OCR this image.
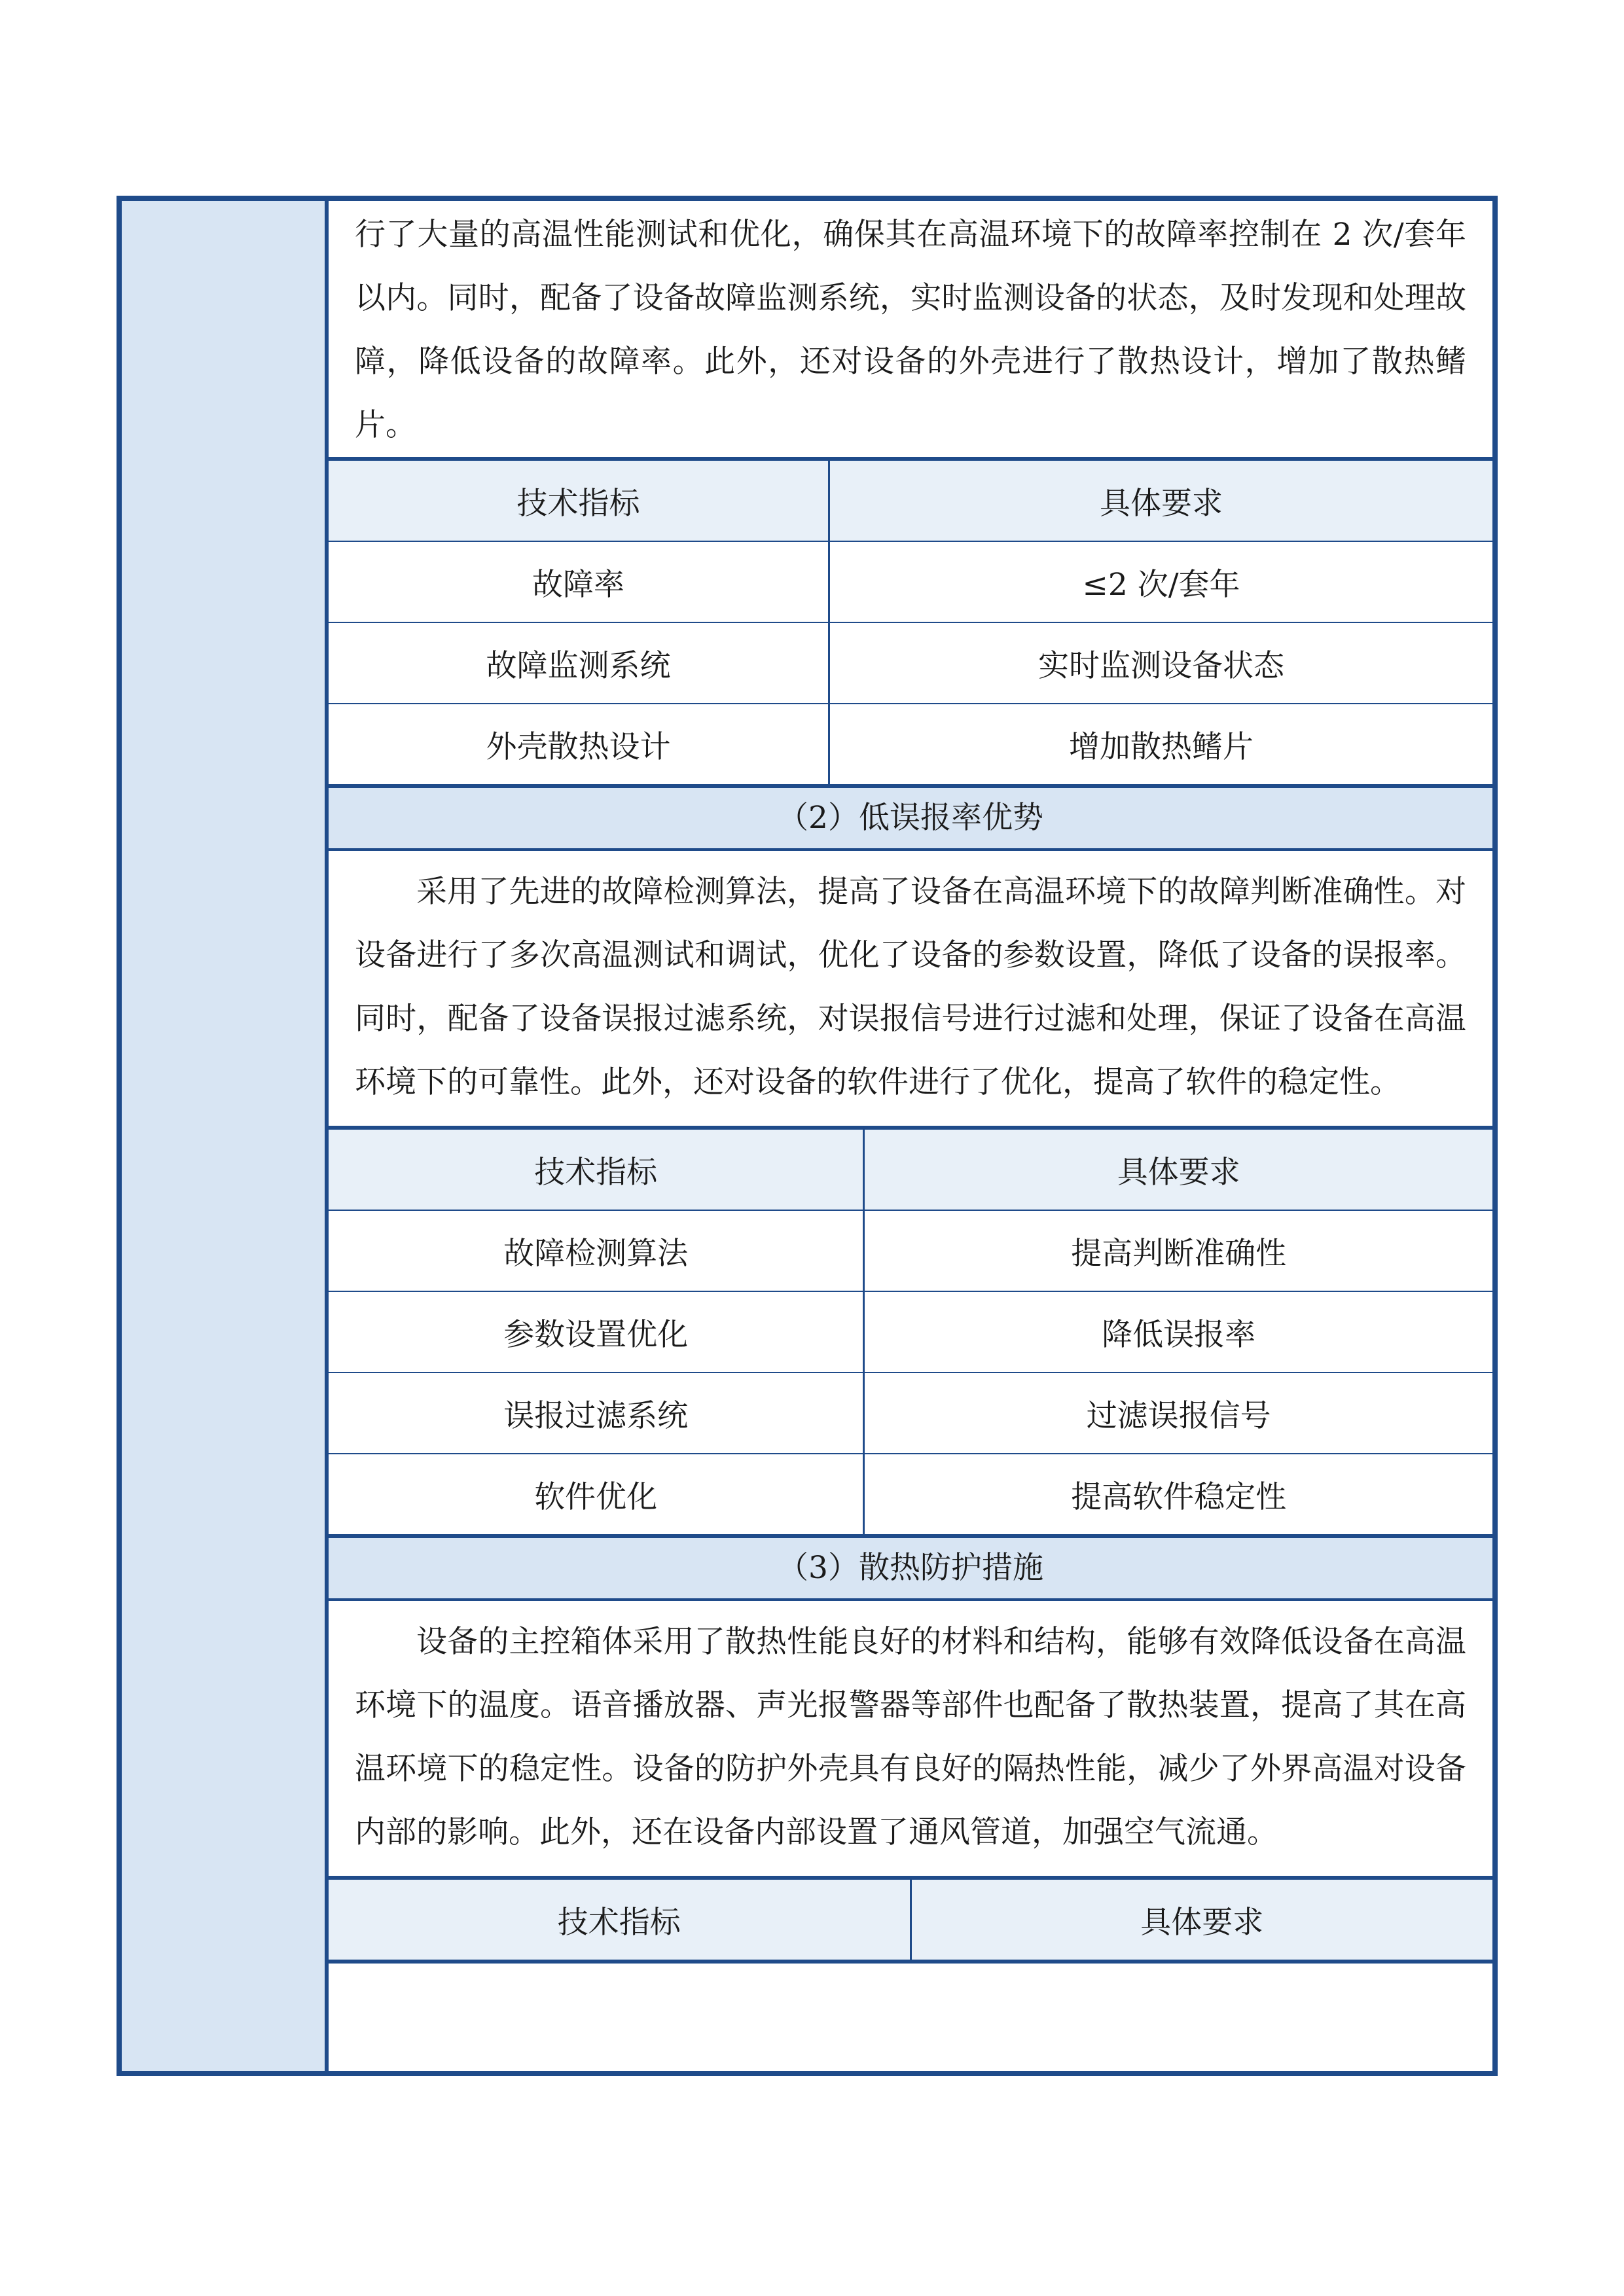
行了大量的高温性能测试和优化，确保其在高温环境下的故障率控制在 2 次/套年以内。同时，配备了设备故障监测系统，实时监测设备的状态，及时发现和处理故障，降低设备的故障率。此外，还对设备的外壳进行了散热设计，增加了散热鳍片。

技术指标	具体要求
故障率	≤2 次/套年
故障监测系统	实时监测设备状态
外壳散热设计	增加散热鳍片
（2）低误报率优势

采用了先进的故障检测算法，提高了设备在高温环境下的故障判断准确性。对设备进行了多次高温测试和调试，优化了设备的参数设置，降低了设备的误报率。同时，配备了设备误报过滤系统，对误报信号进行过滤和处理，保证了设备在高温环境下的可靠性。此外，还对设备的软件进行了优化，提高了软件的稳定性。

技术指标	具体要求
故障检测算法	提高判断准确性
参数设置优化	降低误报率
误报过滤系统	过滤误报信号
软件优化	提高软件稳定性
（3）散热防护措施

设备的主控箱体采用了散热性能良好的材料和结构，能够有效降低设备在高温环境下的温度。语音播放器、声光报警器等部件也配备了散热装置，提高了其在高温环境下的稳定性。设备的防护外壳具有良好的隔热性能，减少了外界高温对设备内部的影响。此外，还在设备内部设置了通风管道，加强空气流通。

技术指标	具体要求
